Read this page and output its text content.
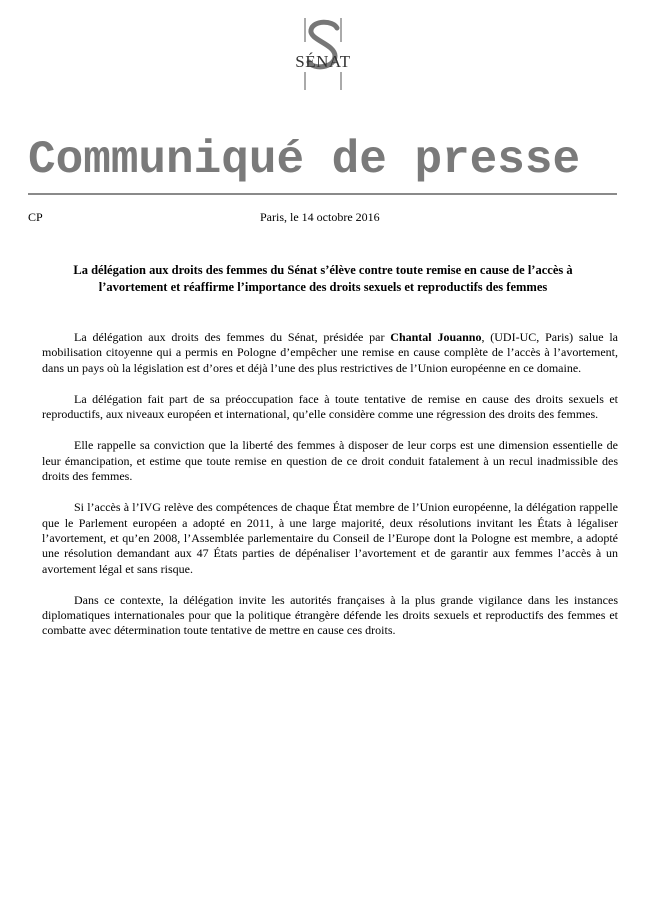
SÉNAT
Communiqué de presse
CP	Paris, le 14 octobre 2016
La délégation aux droits des femmes du Sénat s’élève contre toute remise en cause de l’accès à l’avortement et réaffirme l’importance des droits sexuels et reproductifs des femmes

La délégation aux droits des femmes du Sénat, présidée par Chantal Jouanno, (UDI-UC, Paris) salue la mobilisation citoyenne qui a permis en Pologne d’empêcher une remise en cause complète de l’accès à l’avortement, dans un pays où la législation est d’ores et déjà l’une des plus restrictives de l’Union européenne en ce domaine.

La délégation fait part de sa préoccupation face à toute tentative de remise en cause des droits sexuels et reproductifs, aux niveaux européen et international, qu’elle considère comme une régression des droits des femmes.

Elle rappelle sa conviction que la liberté des femmes à disposer de leur corps est une dimension essentielle de leur émancipation, et estime que toute remise en question de ce droit conduit fatalement à un recul inadmissible des droits des femmes.

Si l’accès à l’IVG relève des compétences de chaque État membre de l’Union européenne, la délégation rappelle que le Parlement européen a adopté en 2011, à une large majorité, deux résolutions invitant les États à légaliser l’avortement, et qu’en 2008, l’Assemblée parlementaire du Conseil de l’Europe dont la Pologne est membre, a adopté une résolution demandant aux 47 États parties de dépénaliser l’avortement et de garantir aux femmes l’accès à un avortement légal et sans risque.

Dans ce contexte, la délégation invite les autorités françaises à la plus grande vigilance dans les instances diplomatiques internationales pour que la politique étrangère défende les droits sexuels et reproductifs des femmes et combatte avec détermination toute tentative de mettre en cause ces droits.
